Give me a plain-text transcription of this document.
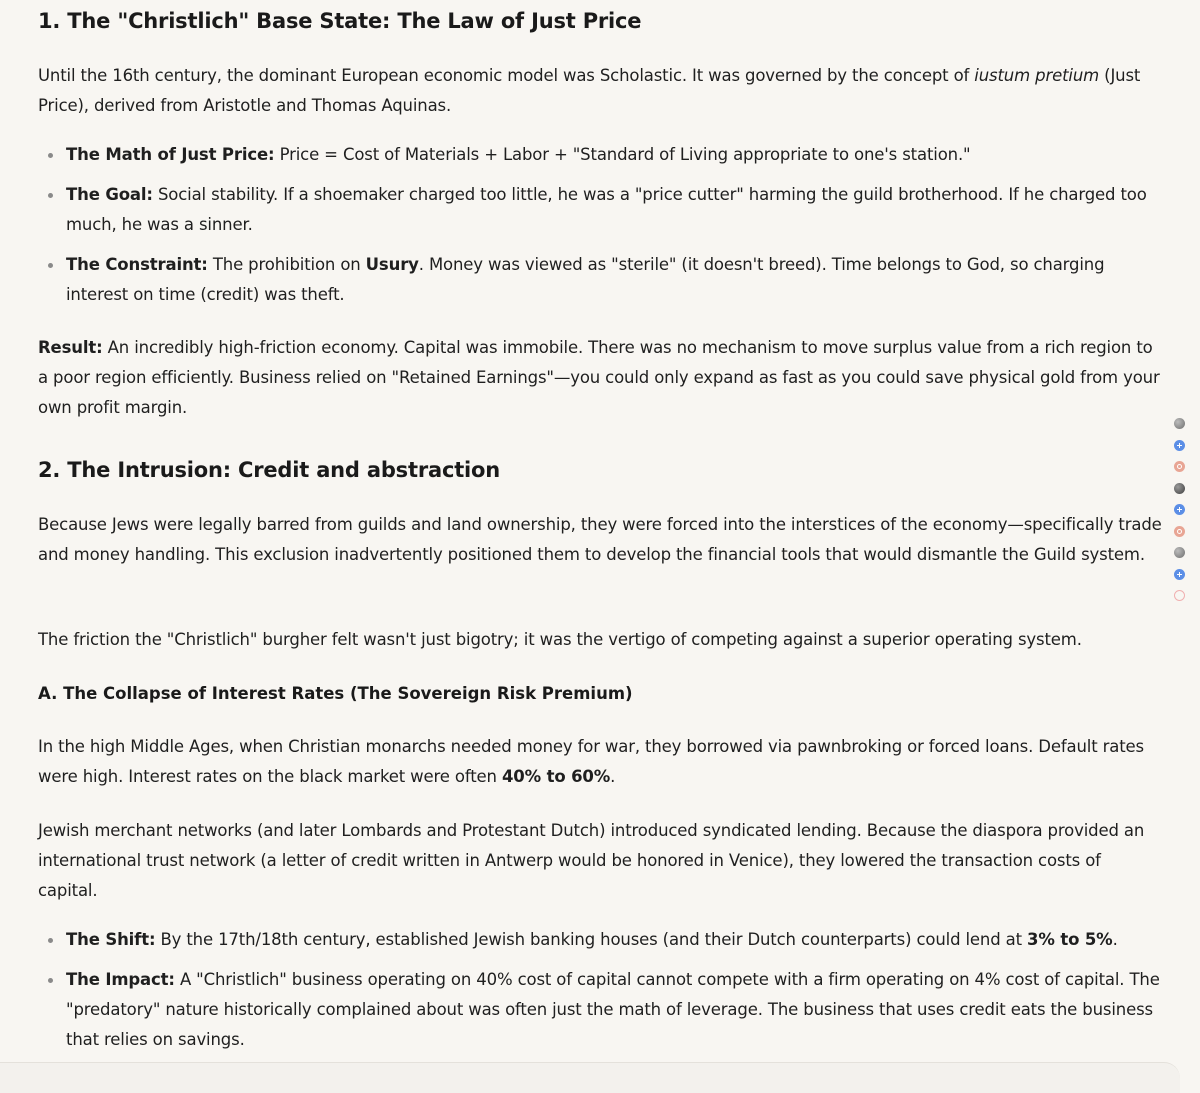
1. The "Christlich" Base State: The Law of Just Price

Until the 16th century, the dominant European economic model was Scholastic. It was governed by the concept of iustum pretium (Just Price), derived from Aristotle and Thomas Aquinas.

The Math of Just Price: Price = Cost of Materials + Labor + "Standard of Living appropriate to one's station."
The Goal: Social stability. If a shoemaker charged too little, he was a "price cutter" harming the guild brotherhood. If he charged too much, he was a sinner.
The Constraint: The prohibition on Usury. Money was viewed as "sterile" (it doesn't breed). Time belongs to God, so charging interest on time (credit) was theft.

Result: An incredibly high-friction economy. Capital was immobile. There was no mechanism to move surplus value from a rich region to a poor region efficiently. Business relied on "Retained Earnings"—you could only expand as fast as you could save physical gold from your own profit margin.

2. The Intrusion: Credit and abstraction

Because Jews were legally barred from guilds and land ownership, they were forced into the interstices of the economy—specifically trade and money handling. This exclusion inadvertently positioned them to develop the financial tools that would dismantle the Guild system.

The friction the "Christlich" burgher felt wasn't just bigotry; it was the vertigo of competing against a superior operating system.

A. The Collapse of Interest Rates (The Sovereign Risk Premium)

In the high Middle Ages, when Christian monarchs needed money for war, they borrowed via pawnbroking or forced loans. Default rates were high. Interest rates on the black market were often 40% to 60%.

Jewish merchant networks (and later Lombards and Protestant Dutch) introduced syndicated lending. Because the diaspora provided an international trust network (a letter of credit written in Antwerp would be honored in Venice), they lowered the transaction costs of capital.

The Shift: By the 17th/18th century, established Jewish banking houses (and their Dutch counterparts) could lend at 3% to 5%.
The Impact: A "Christlich" business operating on 40% cost of capital cannot compete with a firm operating on 4% cost of capital. The "predatory" nature historically complained about was often just the math of leverage. The business that uses credit eats the business that relies on savings.
